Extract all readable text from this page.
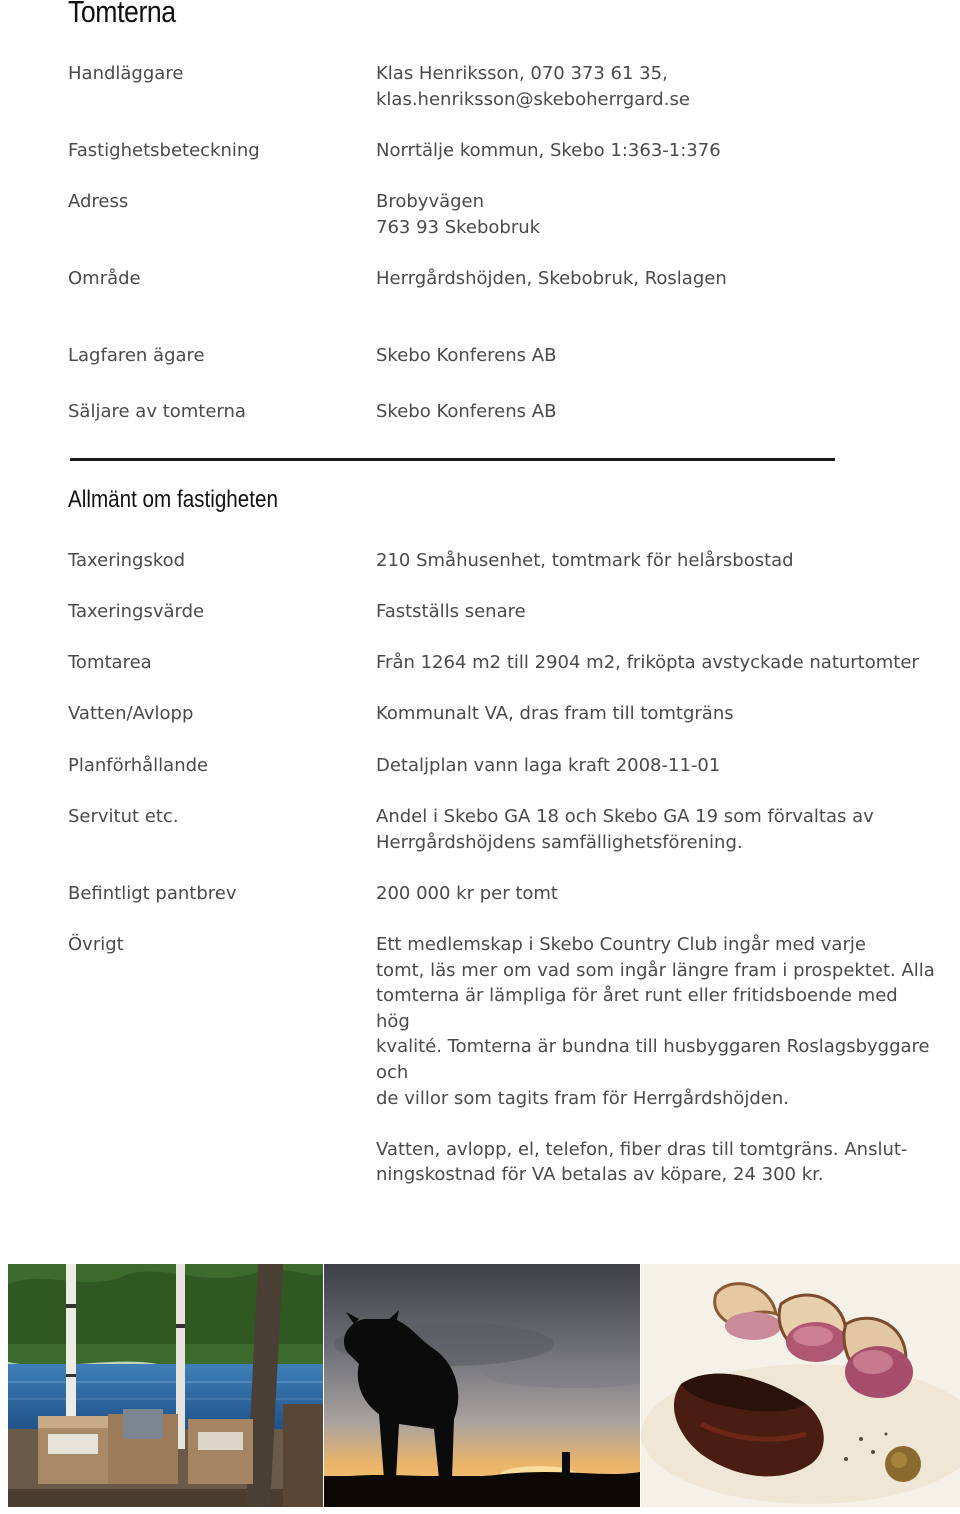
Tomterna
Handläggare	Klas Henriksson, 070 373 61 35,
klas.henriksson@skeboherrgard.se
Fastighetsbeteckning	Norrtälje kommun, Skebo 1:363-1:376
Adress	Brobyvägen
763 93 Skebobruk
Område	Herrgårdshöjden, Skebobruk, Roslagen
Lagfaren ägare	Skebo Konferens AB
Säljare av tomterna	Skebo Konferens AB
Allmänt om fastigheten
Taxeringskod	210 Småhusenhet, tomtmark för helårsbostad
Taxeringsvärde	Fastställs senare
Tomtarea	Från 1264 m2 till 2904 m2, friköpta avstyckade naturtomter
Vatten/Avlopp	Kommunalt VA, dras fram till tomtgräns
Planförhållande	Detaljplan vann laga kraft 2008-11-01
Servitut etc.	Andel i Skebo GA 18 och Skebo GA 19 som förvaltas av
Herrgårdshöjdens samfällighetsförening.
Befintligt pantbrev	200 000 kr per tomt
Övrigt	Ett medlemskap i Skebo Country Club ingår med varje
tomt, läs mer om vad som ingår längre fram i prospektet. Alla
tomterna är lämpliga för året runt eller fritidsboende med hög
kvalité. Tomterna är bundna till husbyggaren Roslagsbyggare och
de villor som tagits fram för Herrgårdshöjden.
Vatten, avlopp, el, telefon, fiber dras till tomtgräns. Anslut-
ningskostnad för VA betalas av köpare, 24 300 kr.
